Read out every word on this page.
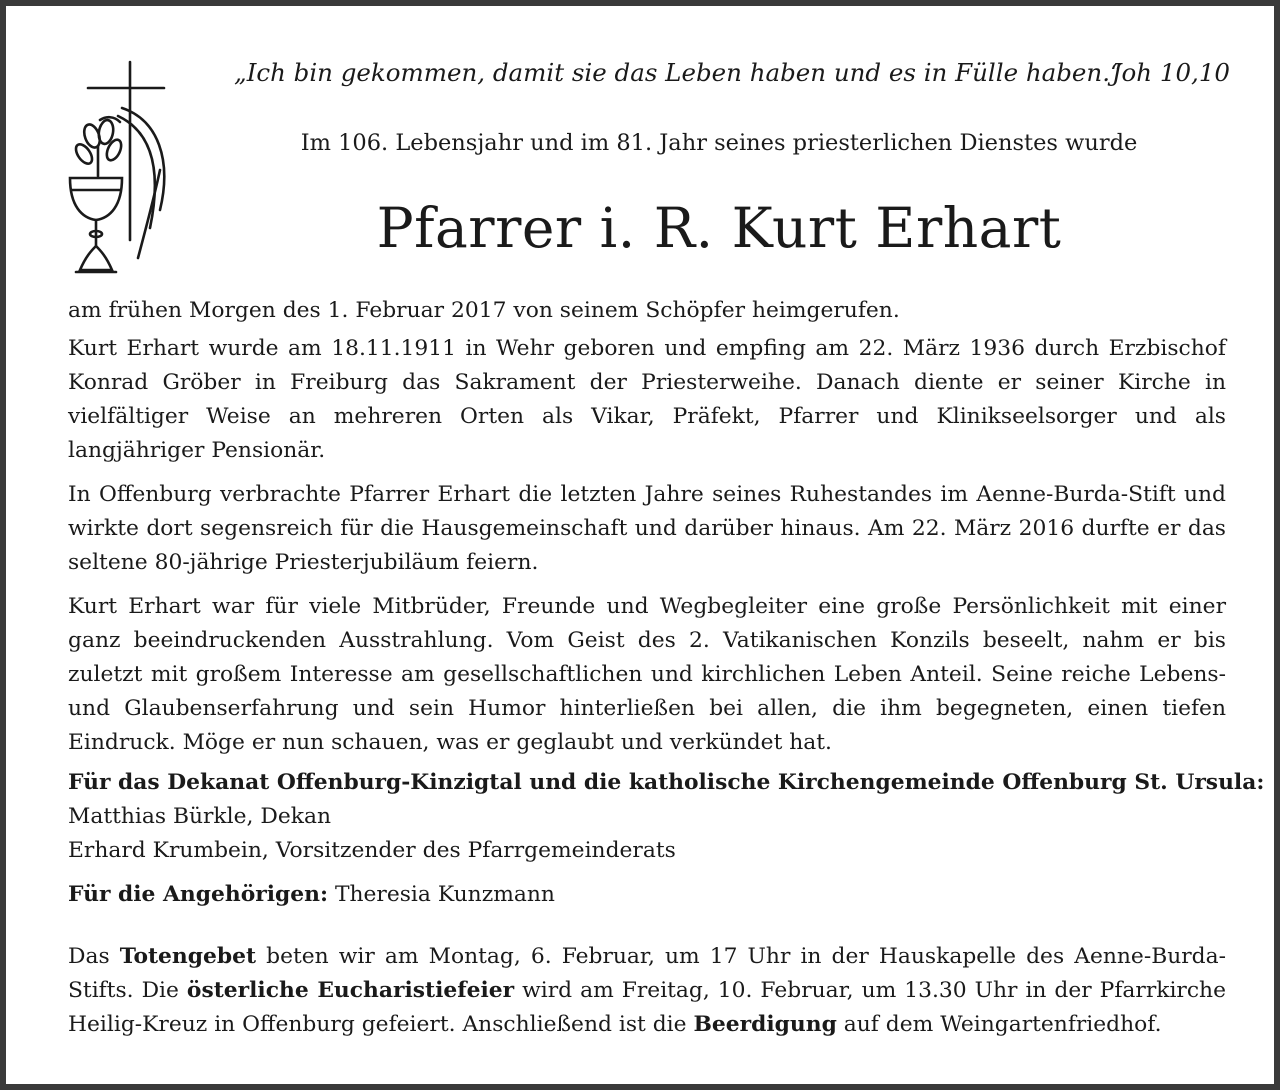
„Ich bin gekommen, damit sie das Leben haben und es in Fülle haben.“
Joh 10,10
Im 106. Lebensjahr und im 81. Jahr seines priesterlichen Dienstes wurde
Pfarrer i. R. Kurt Erhart

am frühen Morgen des 1. Februar 2017 von seinem Schöpfer heimgerufen.

Kurt Erhart wurde am 18.11.1911 in Wehr geboren und empfing am 22. März 1936 durch Erzbischof Konrad Gröber in Freiburg das Sakrament der Priesterweihe. Danach diente er seiner Kirche in vielfältiger Weise an mehreren Orten als Vikar, Präfekt, Pfarrer und Klinikseelsorger und als langjähriger Pensionär.

In Offenburg verbrachte Pfarrer Erhart die letzten Jahre seines Ruhestandes im Aenne-Burda-Stift und wirkte dort segensreich für die Hausgemeinschaft und darüber hinaus. Am 22. März 2016 durfte er das seltene 80-jährige Priesterjubiläum feiern.

Kurt Erhart war für viele Mitbrüder, Freunde und Wegbegleiter eine große Persönlichkeit mit einer ganz beeindruckenden Ausstrahlung. Vom Geist des 2. Vatikanischen Konzils beseelt, nahm er bis zuletzt mit großem Interesse am gesellschaftlichen und kirchlichen Leben Anteil. Seine reiche Lebens- und Glaubenserfahrung und sein Humor hinterließen bei allen, die ihm begegneten, einen tiefen Eindruck. Möge er nun schauen, was er geglaubt und verkündet hat.

Für das Dekanat Offenburg-Kinzigtal und die katholische Kirchengemeinde Offenburg St. Ursula:
Matthias Bürkle, Dekan
Erhard Krumbein, Vorsitzender des Pfarrgemeinderats
Für die Angehörigen: Theresia Kunzmann
Das Totengebet beten wir am Montag, 6. Februar, um 17 Uhr in der Hauskapelle des Aenne-Burda-Stifts. Die österliche Eucharistiefeier wird am Freitag, 10. Februar, um 13.30 Uhr in der Pfarrkirche Heilig-Kreuz in Offenburg gefeiert. Anschließend ist die Beerdigung auf dem Weingartenfriedhof.
